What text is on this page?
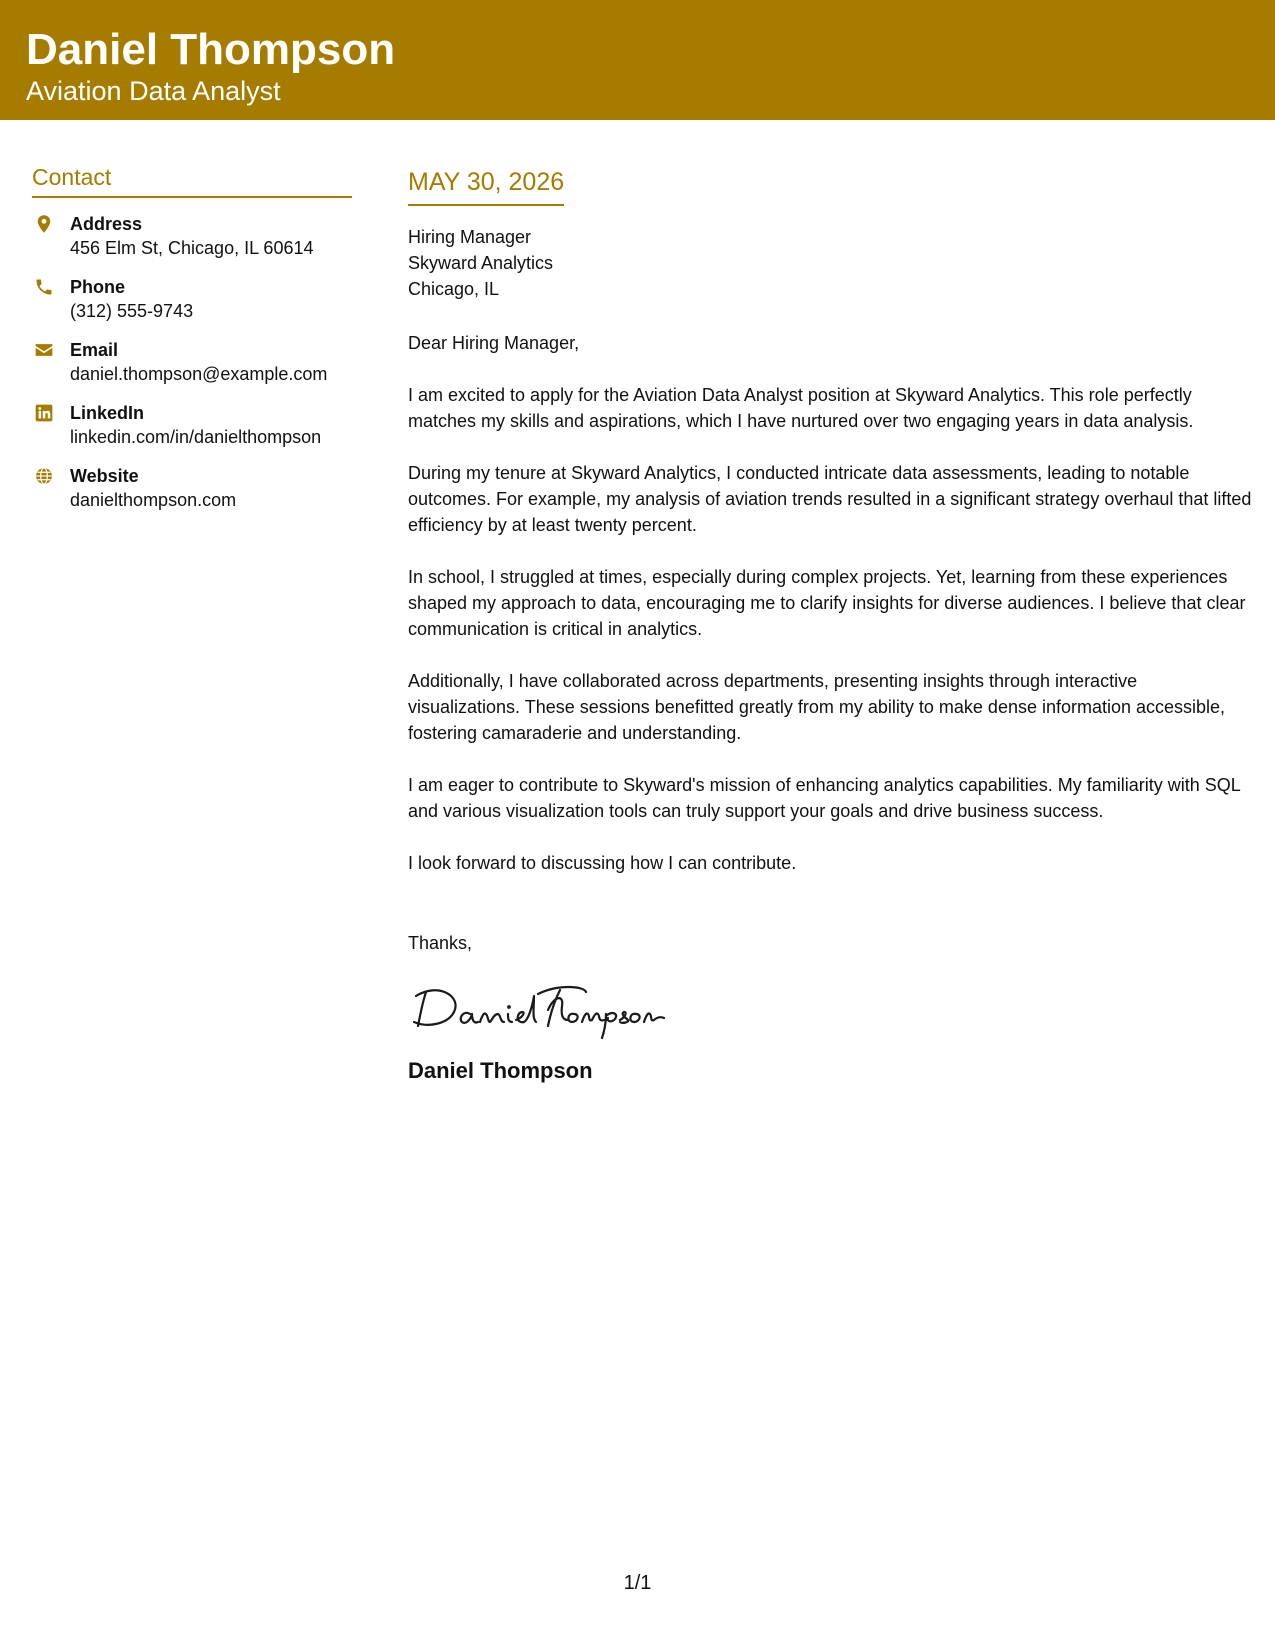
Daniel Thompson
Aviation Data Analyst
Contact
Address
456 Elm St, Chicago, IL 60614
Phone
(312) 555-9743
Email
daniel.thompson@example.com
LinkedIn
linkedin.com/in/danielthompson
Website
danielthompson.com
MAY 30, 2026
Hiring Manager
Skyward Analytics
Chicago, IL
Dear Hiring Manager,
I am excited to apply for the Aviation Data Analyst position at Skyward Analytics. This role perfectly matches my skills and aspirations, which I have nurtured over two engaging years in data analysis.
During my tenure at Skyward Analytics, I conducted intricate data assessments, leading to notable outcomes. For example, my analysis of aviation trends resulted in a significant strategy overhaul that lifted efficiency by at least twenty percent.
In school, I struggled at times, especially during complex projects. Yet, learning from these experiences shaped my approach to data, encouraging me to clarify insights for diverse audiences. I believe that clear communication is critical in analytics.
Additionally, I have collaborated across departments, presenting insights through interactive visualizations. These sessions benefitted greatly from my ability to make dense information accessible, fostering camaraderie and understanding.
I am eager to contribute to Skyward's mission of enhancing analytics capabilities. My familiarity with SQL and various visualization tools can truly support your goals and drive business success.
I look forward to discussing how I can contribute.
Thanks,
Daniel Thompson
1/1
